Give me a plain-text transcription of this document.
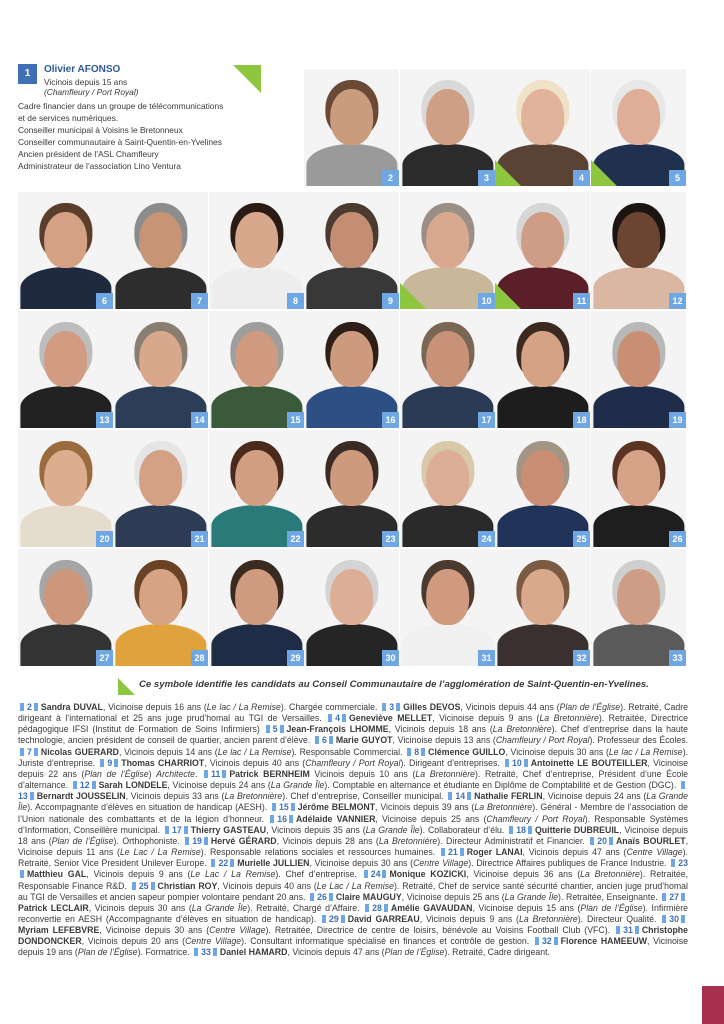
1	Olivier AFONSO
Vicinois depuis 15 ans
(Chamfleury / Port Royal)
Cadre financier dans un groupe de télécommunications
et de services numériques.
Conseiller municipal à Voisins le Bretonneux
Conseiller communautaire à Saint-Quentin-en-Yvelines
Ancien président de l’ASL Chamfleury
Administrateur de l’association Lino Ventura
2	3	4	5
6	7	8	9	10	11	12
13	14	15	16	17	18	19
20	21	22	23	24	25	26
27	28	29	30	31	32	33
Ce symbole identifie les candidats au Conseil Communautaire de l’agglomération de Saint-Quentin-en-Yvelines.
2 Sandra DUVAL, Vicinoise depuis 16 ans (Le lac / La Remise). Chargée commerciale. 3 Gilles DEVOS, Vicinois depuis 44 ans (Plan de l’Église). Retraité, Cadre dirigeant à l’international et 25 ans juge prud’homal au TGI de Versailles. 4 Geneviève MELLET, Vicinoise depuis 9 ans (La Bretonnière). Retraitée, Directrice pédagogique IFSI (Institut de Formation de Soins Infirmiers) 5 Jean-François LHOMME, Vicinois depuis 18 ans (La Bretonnière). Chef d’entreprise dans la haute technologie, ancien président de conseil de quartier, ancien parent d’élève. 6 Marie GUYOT, Vicinoise depuis 13 ans (Chamfleury / Port Royal). Professeur des Écoles. 7 Nicolas GUERARD, Vicinois depuis 14 ans (Le lac / La Remise). Responsable Commercial. 8 Clémence GUILLO, Vicinoise depuis 30 ans (Le lac / La Remise). Juriste d’entreprise. 9 Thomas CHARRIOT, Vicinois depuis 40 ans (Chamfleury / Port Royal). Dirigeant d’entreprises. 10 Antoinette LE BOUTEILLER, Vicinoise depuis 22 ans (Plan de l’Église) Architecte. 11 Patrick BERNHEIM Vicinois depuis 10 ans (La Bretonnière). Retraité, Chef d’entreprise, Président d’une École d’alternance. 12 Sarah LONDELE, Vicinoise depuis 24 ans (La Grande Île). Comptable en alternance et étudiante en Diplôme de Comptabilité et de Gestion (DGC). 13 Bernardt JOUSSELIN, Vicinois depuis 33 ans (La Bretonnière). Chef d’entreprise, Conseiller municipal. 14 Nathalie FERLIN, Vicinoise depuis 24 ans (La Grande Île). Accompagnante d’élèves en situation de handicap (AESH). 15 Jérôme BELMONT, Vicinois depuis 39 ans (La Bretonnière). Général - Membre de l’association de l’Union nationale des combattants et de la légion d’honneur. 16 Adélaide VANNIER, Vicinoise depuis 25 ans (Chamfleury / Port Royal). Responsable Systèmes d’Information, Conseillère municipal. 17 Thierry GASTEAU, Vicinois depuis 35 ans (La Grande Île). Collaborateur d’élu. 18 Quitterie DUBREUIL, Vicinoise depuis 18 ans (Plan de l’Église). Orthophoniste. 19 Hervé GÉRARD, Vicinois depuis 28 ans (La Bretonnière). Directeur Administratif et Financier. 20 Anaïs BOURLET, Vicinoise depuis 11 ans (Le Lac / La Remise). Responsable relations sociales et ressources humaines. 21 Roger LANAI, Vicinois depuis 47 ans (Centre Village). Retraité, Senior Vice President Unilever Europe. 22 Murielle JULLIEN, Vicinoise depuis 30 ans (Centre Village). Directrice Affaires publiques de France Industrie. 23Matthieu GAL, Vicinois depuis 9 ans (Le Lac / La Remise). Chef d’entreprise. 24 Monique KOZICKI, Vicinoise depuis 36 ans (La Bretonnière). Retraitée, Responsable Finance R&D. 25 Christian ROY, Vicinois depuis 40 ans (Le Lac / La Remise). Retraité, Chef de service santé sécurité chantier, ancien juge prud’homal au TGI de Versailles et ancien sapeur pompier volontaire pendant 20 ans. 26 Claire MAUGUY, Vicinoise depuis 25 ans (La Grande Île). Retraitée, Enseignante. 27Patrick LECLAIR, Vicinois depuis 30 ans (La Grande Île). Retraité, Chargé d’Affaire. 28 Amélie GAVAUDAN, Vicinoise depuis 15 ans (Plan de l’Église). Infirmière reconvertie en AESH (Accompagnante d’élèves en situation de handicap). 29 David GARREAU, Vicinois depuis 9 ans (La Bretonnière). Directeur Qualité. 30Myriam LEFEBVRE, Vicinoise depuis 30 ans (Centre Village). Retraitée, Directrice de centre de loisirs, bénévole au Voisins Football Club (VFC). 31 Christophe DONDONCKER, Vicinois depuis 20 ans (Centre Village). Consultant informatique spécialisé en finances et contrôle de gestion. 32 Florence HAMEEUW, Vicinoise depuis 19 ans (Plan de l’Église). Formatrice. 33 Daniel HAMARD, Vicinois depuis 47 ans (Plan de l’Église). Retraité, Cadre dirigeant.
